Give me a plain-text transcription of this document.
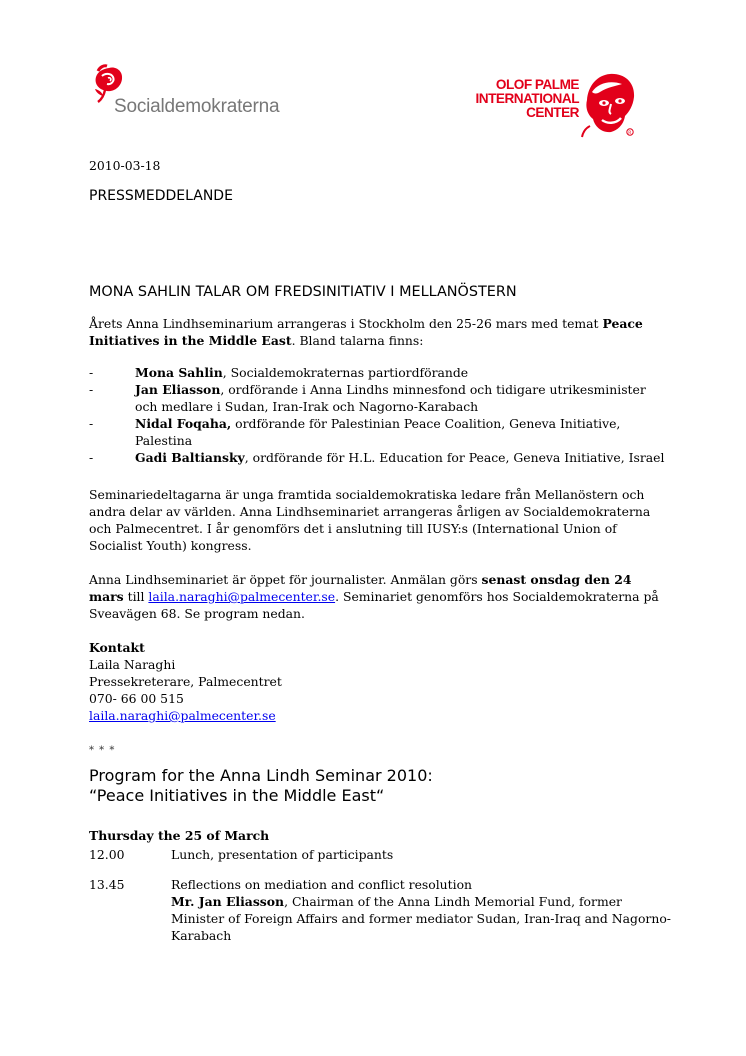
Socialdemokraterna
OLOF PALME
INTERNATIONAL
CENTER
R
2010-03-18
PRESSMEDDELANDE
MONA SAHLIN TALAR OM FREDSINITIATIV I MELLANÖSTERN

Årets Anna Lindhseminarium arrangeras i Stockholm den 25-26 mars med temat Peace Initiatives in the Middle East. Bland talarna finns:

-	Mona Sahlin, Socialdemokraternas partiordförande
-	Jan Eliasson, ordförande i Anna Lindhs minnesfond och tidigare utrikesminister och medlare i Sudan, Iran-Irak och Nagorno-Karabach
-	Nidal Foqaha, ordförande för Palestinian Peace Coalition, Geneva Initiative, Palestina
-	Gadi Baltiansky, ordförande för H.L. Education for Peace, Geneva Initiative, Israel

Seminariedeltagarna är unga framtida socialdemokratiska ledare från Mellanöstern och andra delar av världen. Anna Lindhseminariet arrangeras årligen av Socialdemokraterna och Palmecentret. I år genomförs det i anslutning till IUSY:s (International Union of Socialist Youth) kongress.

Anna Lindhseminariet är öppet för journalister. Anmälan görs senast onsdag den 24 mars till laila.naraghi@palmecenter.se. Seminariet genomförs hos Socialdemokraterna på Sveavägen 68. Se program nedan.

Kontakt
Laila Naraghi
Pressekreterare, Palmecentret
070- 66 00 515
laila.naraghi@palmecenter.se
* * *
Program for the Anna Lindh Seminar 2010:
“Peace Initiatives in the Middle East“
Thursday the 25 of March
12.00	Lunch, presentation of participants
13.45	Reflections on mediation and conflict resolution
Mr. Jan Eliasson, Chairman of the Anna Lindh Memorial Fund, former Minister of Foreign Affairs and former mediator Sudan, Iran-Iraq and Nagorno-Karabach
